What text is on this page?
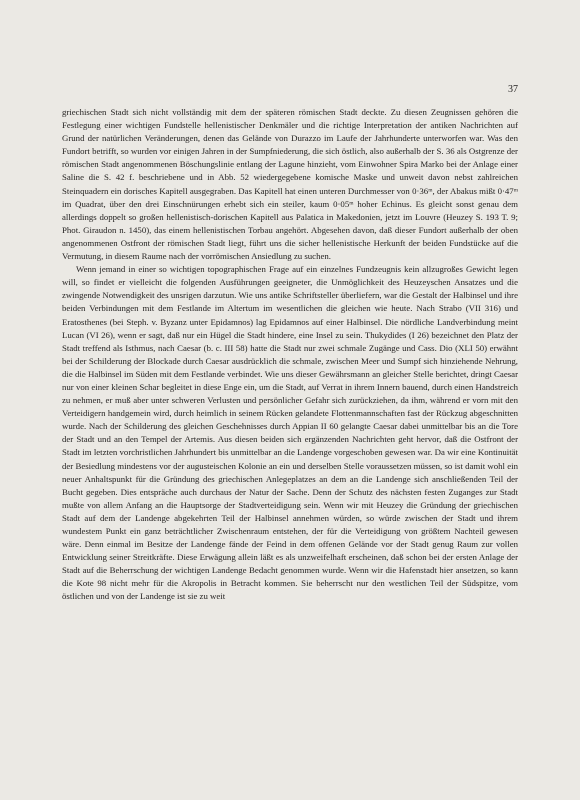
37

griechischen Stadt sich nicht vollständig mit dem der späteren römischen Stadt deckte. Zu diesen Zeugnissen gehören die Festlegung einer wichtigen Fundstelle hellenistischer Denkmäler und die richtige Interpretation der antiken Nachrichten auf Grund der natürlichen Veränderungen, denen das Gelände von Durazzo im Laufe der Jahrhunderte unterworfen war. Was den Fundort betrifft, so wurden vor einigen Jahren in der Sumpfniederung, die sich östlich, also außerhalb der S. 36 als Ostgrenze der römischen Stadt angenommenen Böschungslinie entlang der Lagune hinzieht, vom Einwohner Spira Marko bei der Anlage einer Saline die S. 42 f. beschriebene und in Abb. 52 wiedergegebene komische Maske und unweit davon nebst zahlreichen Steinquadern ein dorisches Kapitell ausgegraben. Das Kapitell hat einen unteren Durchmesser von 0·36ᵐ, der Abakus mißt 0·47ᵐ im Quadrat, über den drei Einschnürungen erhebt sich ein steiler, kaum 0·05ᵐ hoher Echinus. Es gleicht sonst genau dem allerdings doppelt so großen hellenistisch-dorischen Kapitell aus Palatica in Makedonien, jetzt im Louvre (Heuzey S. 193 T. 9; Phot. Giraudon n. 1450), das einem hellenistischen Torbau angehört. Abgesehen davon, daß dieser Fundort außerhalb der oben angenommenen Ostfront der römischen Stadt liegt, führt uns die sicher hellenistische Herkunft der beiden Fundstücke auf die Vermutung, in diesem Raume nach der vorrömischen Ansiedlung zu suchen.

Wenn jemand in einer so wichtigen topographischen Frage auf ein einzelnes Fundzeugnis kein allzugroßes Gewicht legen will, so findet er vielleicht die folgenden Ausführungen geeigneter, die Unmöglichkeit des Heuzeyschen Ansatzes und die zwingende Notwendigkeit des unsrigen darzutun. Wie uns antike Schriftsteller überliefern, war die Gestalt der Halbinsel und ihre beiden Verbindungen mit dem Festlande im Altertum im wesentlichen die gleichen wie heute. Nach Strabo (VII 316) und Eratosthenes (bei Steph. v. Byzanz unter Epidamnos) lag Epidamnos auf einer Halbinsel. Die nördliche Landverbindung meint Lucan (VI 26), wenn er sagt, daß nur ein Hügel die Stadt hindere, eine Insel zu sein. Thukydides (I 26) bezeichnet den Platz der Stadt treffend als Isthmus, nach Caesar (b. c. III 58) hatte die Stadt nur zwei schmale Zugänge und Cass. Dio (XLI 50) erwähnt bei der Schilderung der Blockade durch Caesar ausdrücklich die schmale, zwischen Meer und Sumpf sich hinziehende Nehrung, die die Halbinsel im Süden mit dem Festlande verbindet. Wie uns dieser Gewährsmann an gleicher Stelle berichtet, dringt Caesar nur von einer kleinen Schar begleitet in diese Enge ein, um die Stadt, auf Verrat in ihrem Innern bauend, durch einen Handstreich zu nehmen, er muß aber unter schweren Verlusten und persönlicher Gefahr sich zurückziehen, da ihm, während er vorn mit den Verteidigern handgemein wird, durch heimlich in seinem Rücken gelandete Flottenmannschaften fast der Rückzug abgeschnitten wurde. Nach der Schilderung des gleichen Geschehnisses durch Appian II 60 gelangte Caesar dabei unmittelbar bis an die Tore der Stadt und an den Tempel der Artemis. Aus diesen beiden sich ergänzenden Nachrichten geht hervor, daß die Ostfront der Stadt im letzten vorchristlichen Jahrhundert bis unmittelbar an die Landenge vorgeschoben gewesen war. Da wir eine Kontinuität der Besiedlung mindestens vor der augusteischen Kolonie an ein und derselben Stelle voraussetzen müssen, so ist damit wohl ein neuer Anhaltspunkt für die Gründung des griechischen Anlegeplatzes an dem an die Landenge sich anschließenden Teil der Bucht gegeben. Dies entspräche auch durchaus der Natur der Sache. Denn der Schutz des nächsten festen Zuganges zur Stadt mußte von allem Anfang an die Hauptsorge der Stadtverteidigung sein. Wenn wir mit Heuzey die Gründung der griechischen Stadt auf dem der Landenge abgekehrten Teil der Halbinsel annehmen würden, so würde zwischen der Stadt und ihrem wundestem Punkt ein ganz beträchtlicher Zwischenraum entstehen, der für die Verteidigung von größtem Nachteil gewesen wäre. Denn einmal im Besitze der Landenge fände der Feind in dem offenen Gelände vor der Stadt genug Raum zur vollen Entwicklung seiner Streitkräfte. Diese Erwägung allein läßt es als unzweifelhaft erscheinen, daß schon bei der ersten Anlage der Stadt auf die Beherrschung der wichtigen Landenge Bedacht genommen wurde. Wenn wir die Hafenstadt hier ansetzen, so kann die Kote 98 nicht mehr für die Akropolis in Betracht kommen. Sie beherrscht nur den westlichen Teil der Südspitze, vom östlichen und von der Landenge ist sie zu weit
